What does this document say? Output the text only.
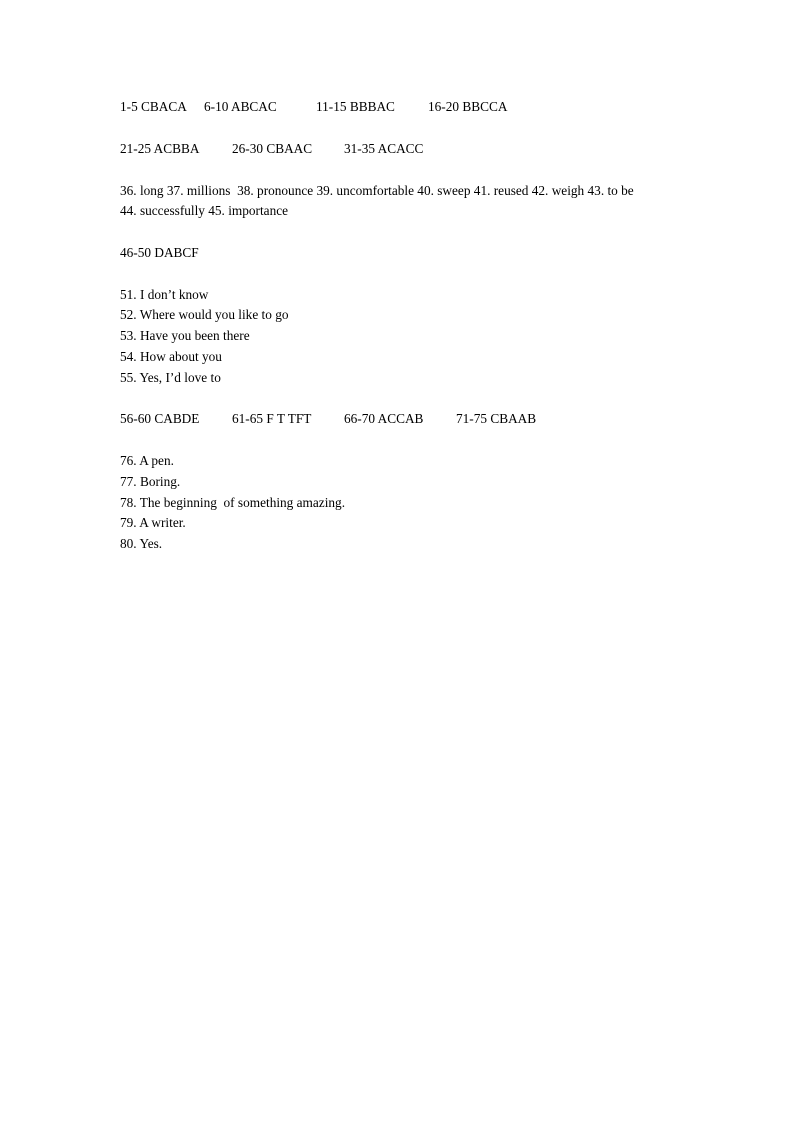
1-5 CBACA

6-10 ABCAC

	11-15 BBBAC

16-20 BBCCA

21-25 ACBBA

26-30 CBAAC

31-35 ACACC

36. long 37. millions  38. pronounce 39. uncomfortable 40. sweep 41. reused 42. weigh 43. to be

44. successfully 45. importance

46-50 DABCF

51. I don’t know

52. Where would you like to go

53. Have you been there

54. How about you

55. Yes, I’d love to

56-60 CABDE

61-65 F T TFT

66-70 ACCAB

71-75 CBAAB

76. A pen.

77. Boring.

78. The beginning  of something amazing.

79. A writer.

80. Yes.
